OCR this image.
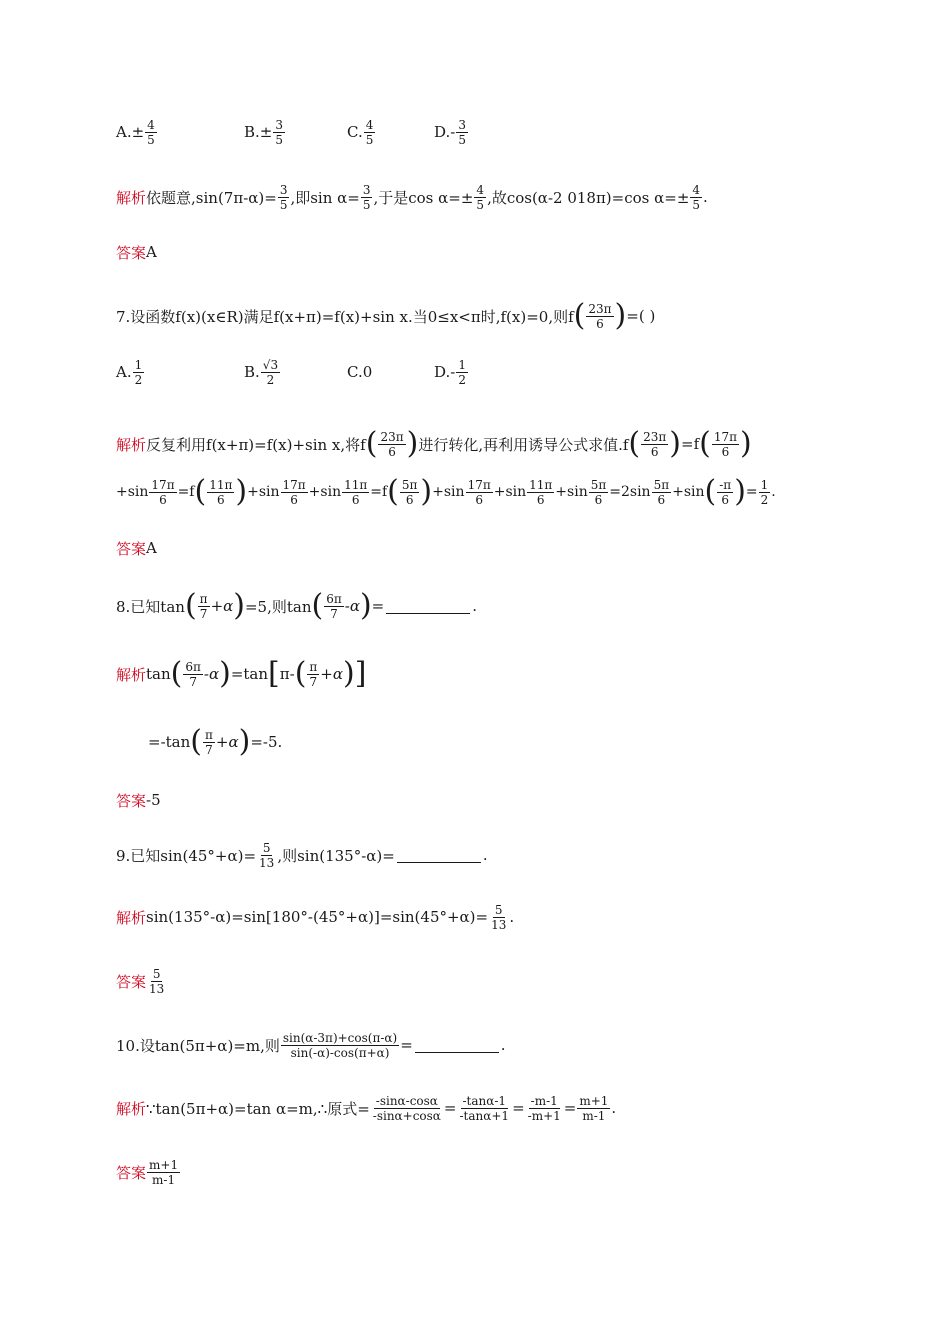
$A.\pm \frac{4}{5}$	$B.\pm \frac{3}{5}$	C. $\frac{4}{5}$	$D.- \frac{3}{5}$
解析 依题意$,\sin(7\pi-\alpha)= \frac{3}{5}$ ,即$\sin \alpha= \frac{3}{5}$ ,于是$\cos \alpha=\pm \frac{4}{5}$ ,故cos(α-2 018π)=cos $\alpha=\pm \frac{4}{5}$ .
答案 A
7.设函数f(x)(x∈R)满足f(x+π)=f(x)+sin x.当0≤x<π时,f(x)=0,则f ( $\frac{23\pi}{6}$ ) =( )
A. $\frac{1}{2}$	B. $\frac{√3}{2}$	C.0	$D.- \frac{1}{2}$
解析 反复利用f(x+π)=f(x)+sin x,将f ( $\frac{23\pi}{6}$ ) 进行转化,再利用诱导公式求值.f ( $\frac{23\pi}{6}$ ) =f ( $\frac{17\pi}{6}$ )
$+\sin \frac{17\pi}{6} =f$ ( $\frac{11\pi}{6}$ ) $+\sin \frac{17\pi}{6} +\sin \frac{11\pi}{6} =f$ ( $\frac{5\pi}{6}$ ) $+\sin \frac{17\pi}{6} +\sin \frac{11\pi}{6} +\sin \frac{5\pi}{6} =2\sin \frac{5\pi}{6} +\sin$ ( $\frac{-\pi}{6}$ ) = $\frac{1}{2}$ .
答案 A
8.已知tan ( $\frac{\pi}{7} +\alpha$ ) =5,则tan ( $\frac{6\pi}{7} -\alpha$ ) =	.
解析 tan ( $\frac{6\pi}{7} -\alpha$ ) =tan [ π- ( $\frac{\pi}{7} +\alpha$ ) ]
=-tan ( $\frac{\pi}{7} +\alpha$ ) =-5.
答案 -5
9.已知$\sin(45^\circ+\alpha)= \frac{5}{13}$ ,则sin(135°-α)=	.
解析 $\sin(135^\circ-\alpha)=\sin[180^\circ-(45^\circ+\alpha)]=\sin(45^\circ+\alpha)= \frac{5}{13}$ .
答案 $\frac{5}{13}$
10.设tan(5π+α)=m,则 $\frac{\sin(\alpha-3\pi)+\cos(\pi-\alpha)}{\sin(-\alpha)-\cos(\pi+\alpha)}$ =	.
解析 ∵tan(5π+α)=tan α=m,∴原式= $\frac{-\sin\alpha-\cos\alpha}{-\sin\alpha+\cos\alpha} = \frac{-\tan\alpha-1}{-\tan\alpha+1} = \frac{-m-1}{-m+1} = \frac{m+1}{m-1}$ .
答案 $\frac{m+1}{m-1}$
